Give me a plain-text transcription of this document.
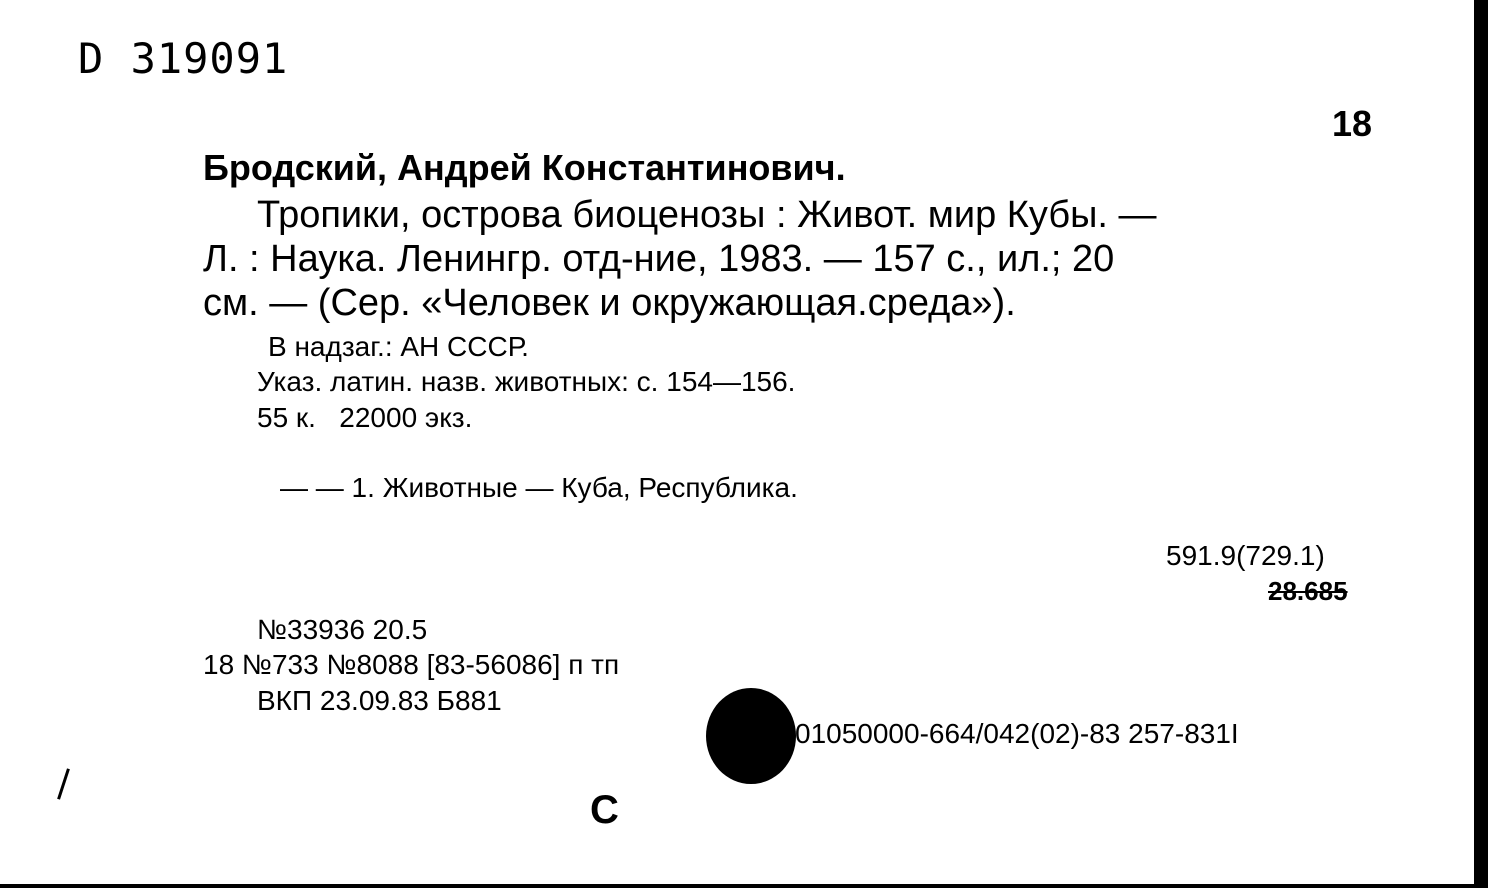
D 319091
18
Бродский, Андрей Константинович.
Тропики, острова биоценозы : Живот. мир Кубы. —
Л. : Наука. Ленингр. отд-ние, 1983. — 157 с., ил.; 20
см. — (Сер. «Человек и окружающая.среда»).
В надзаг.: АН СССР.
Указ. латин. назв. животных: с. 154—156.
55 к.   22000 экз.
— — 1. Животные — Куба, Республика.
591.9(729.1)
28.685
№33936 20.5
18 №733 №8088 [83-56086] п тп
ВКП 23.09.83 Б881
01050000-664/042(02)-83 257-831I
С
